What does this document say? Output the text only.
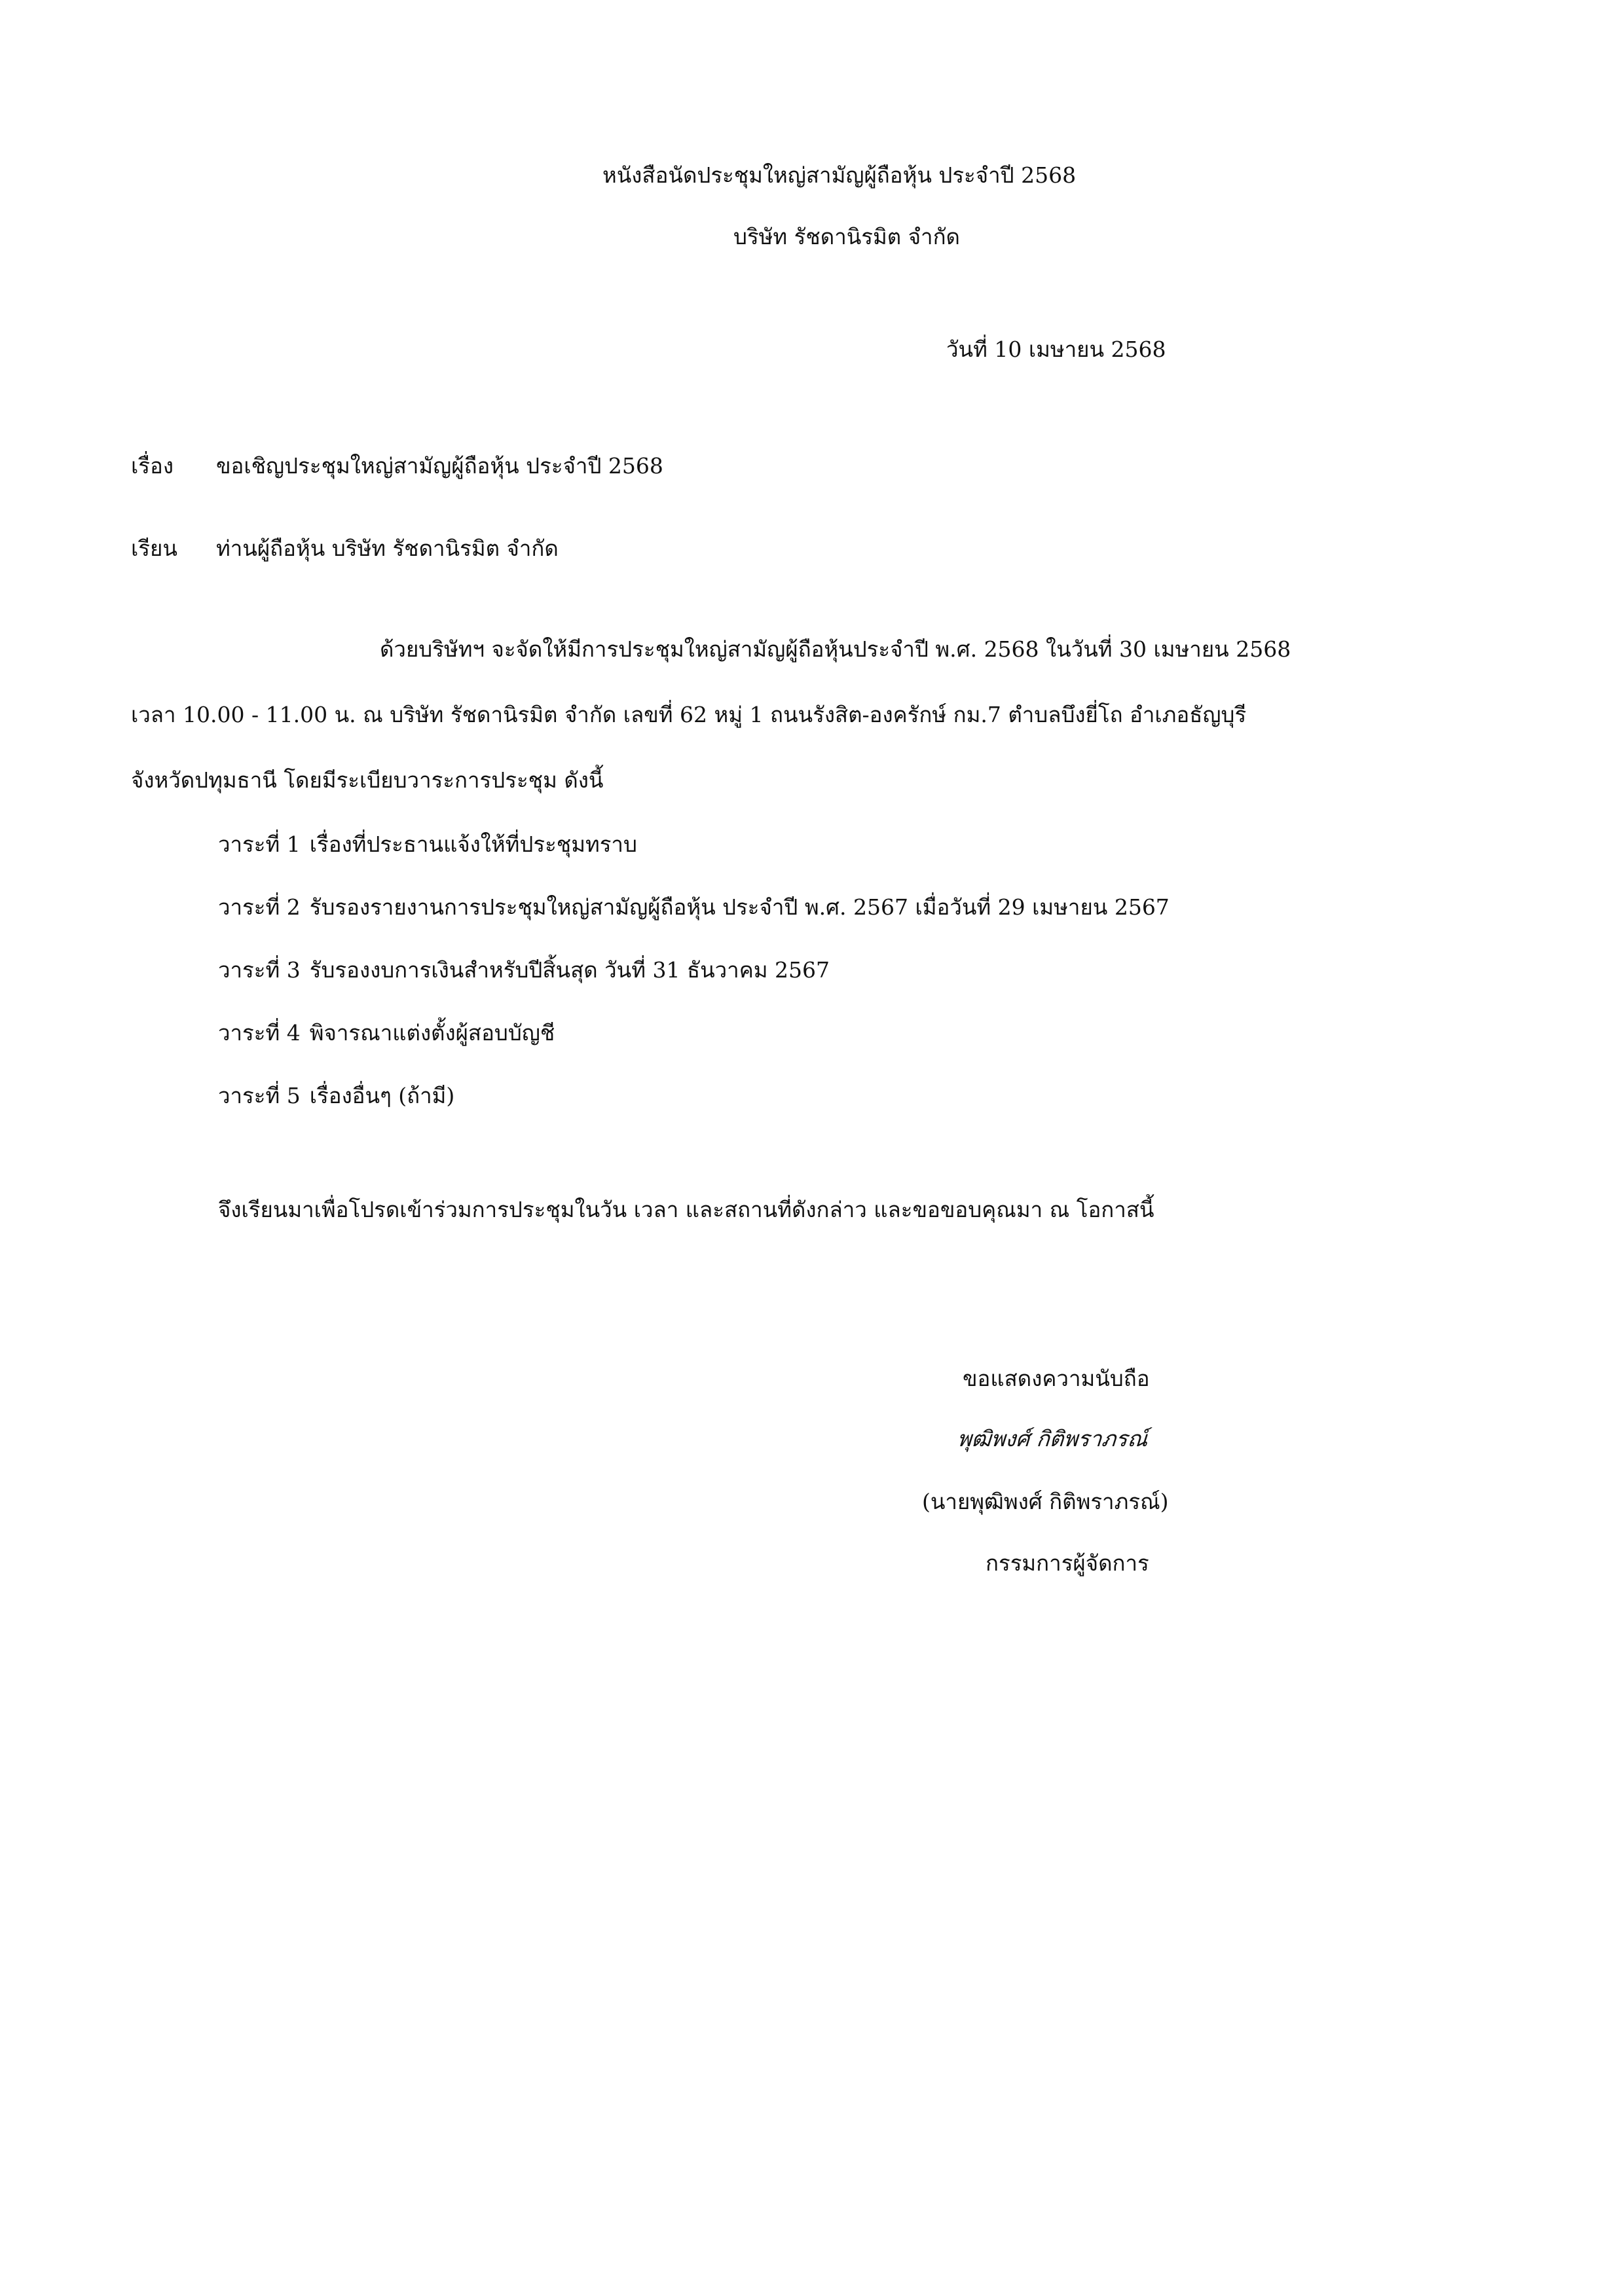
หนังสือนัดประชุมใหญ่สามัญผู้ถือหุ้น ประจำปี 2568
บริษัท รัชดานิรมิต จำกัด
วันที่ 10 เมษายน 2568
เรื่อง ขอเชิญประชุมใหญ่สามัญผู้ถือหุ้น ประจำปี 2568
เรียน ท่านผู้ถือหุ้น บริษัท รัชดานิรมิต จำกัด
ด้วยบริษัทฯ จะจัดให้มีการประชุมใหญ่สามัญผู้ถือหุ้นประจำปี พ.ศ. 2568 ในวันที่ 30 เมษายน 2568
เวลา 10.00 - 11.00 น. ณ บริษัท รัชดานิรมิต จำกัด เลขที่ 62 หมู่ 1 ถนนรังสิต-องครักษ์ กม.7 ตำบลบึงยี่โถ อำเภอธัญบุรี
จังหวัดปทุมธานี โดยมีระเบียบวาระการประชุม ดังนี้
วาระที่ 1 เรื่องที่ประธานแจ้งให้ที่ประชุมทราบ
วาระที่ 2 รับรองรายงานการประชุมใหญ่สามัญผู้ถือหุ้น ประจำปี พ.ศ. 2567 เมื่อวันที่ 29 เมษายน 2567
วาระที่ 3 รับรองงบการเงินสำหรับปีสิ้นสุด วันที่ 31 ธันวาคม 2567
วาระที่ 4 พิจารณาแต่งตั้งผู้สอบบัญชี
วาระที่ 5 เรื่องอื่นๆ (ถ้ามี)
จึงเรียนมาเพื่อโปรดเข้าร่วมการประชุมในวัน เวลา และสถานที่ดังกล่าว และขอขอบคุณมา ณ โอกาสนี้
ขอแสดงความนับถือ
พุฒิพงศ์ กิติพราภรณ์
(นายพุฒิพงศ์ กิติพราภรณ์)
กรรมการผู้จัดการ
